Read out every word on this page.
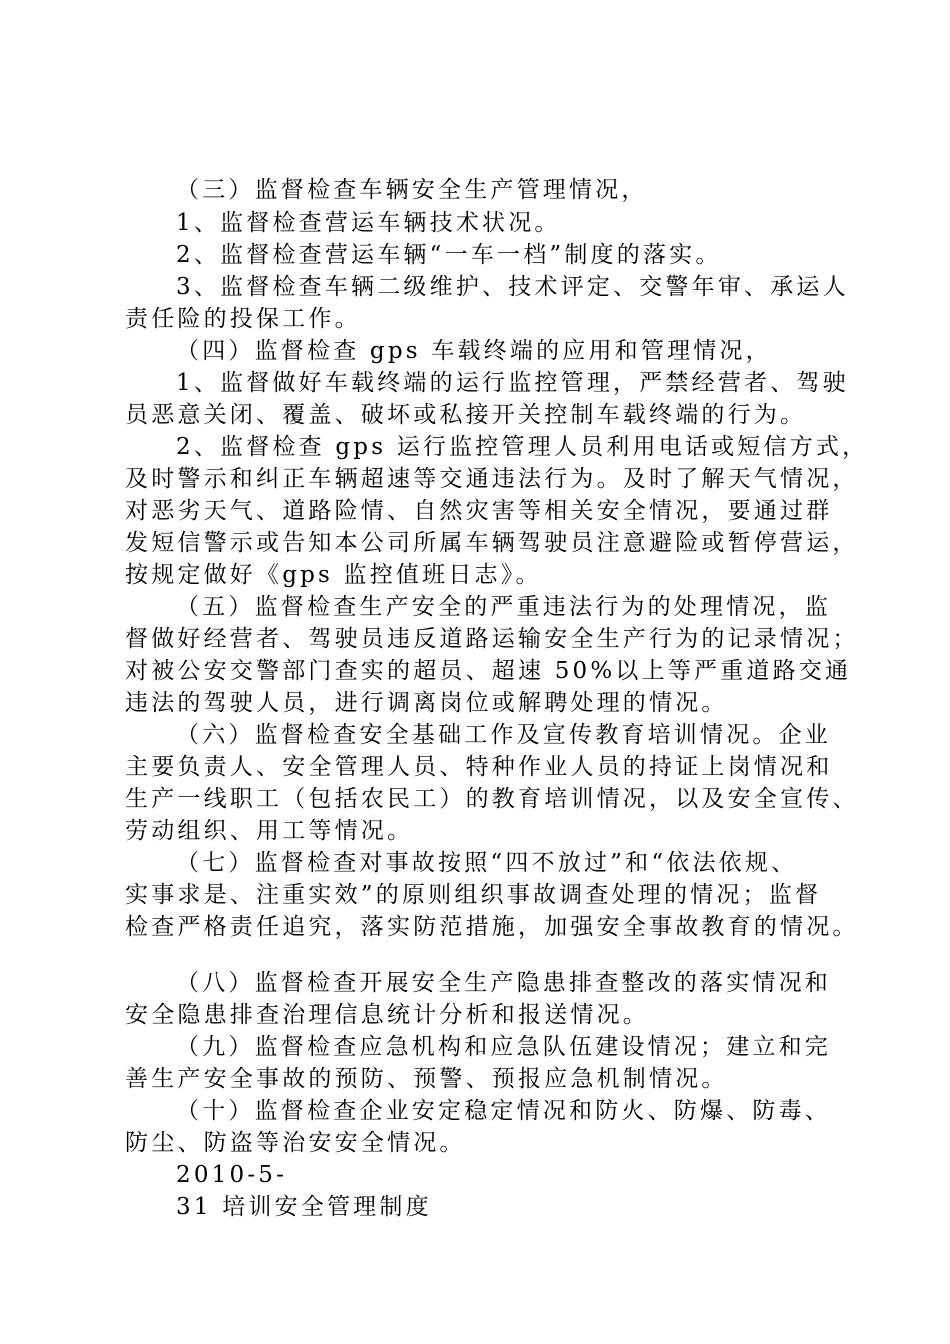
（三）监督检查车辆安全生产管理情况，
1、监督检查营运车辆技术状况。
2、监督检查营运车辆“一车一档”制度的落实。
3、监督检查车辆二级维护、技术评定、交警年审、承运人
责任险的投保工作。
（四）监督检查 gps 车载终端的应用和管理情况，
1、监督做好车载终端的运行监控管理，严禁经营者、驾驶
员恶意关闭、覆盖、破坏或私接开关控制车载终端的行为。
2、监督检查 gps 运行监控管理人员利用电话或短信方式，
及时警示和纠正车辆超速等交通违法行为。及时了解天气情况，
对恶劣天气、道路险情、自然灾害等相关安全情况，要通过群
发短信警示或告知本公司所属车辆驾驶员注意避险或暂停营运，
按规定做好《gps 监控值班日志》。
（五）监督检查生产安全的严重违法行为的处理情况，监
督做好经营者、驾驶员违反道路运输安全生产行为的记录情况；
对被公安交警部门查实的超员、超速 50%以上等严重道路交通
违法的驾驶人员，进行调离岗位或解聘处理的情况。
（六）监督检查安全基础工作及宣传教育培训情况。企业
主要负责人、安全管理人员、特种作业人员的持证上岗情况和
生产一线职工（包括农民工）的教育培训情况，以及安全宣传、
劳动组织、用工等情况。
（七）监督检查对事故按照“四不放过”和“依法依规、
实事求是、注重实效”的原则组织事故调查处理的情况；监督
检查严格责任追究，落实防范措施，加强安全事故教育的情况。
（八）监督检查开展安全生产隐患排查整改的落实情况和
安全隐患排查治理信息统计分析和报送情况。
（九）监督检查应急机构和应急队伍建设情况；建立和完
善生产安全事故的预防、预警、预报应急机制情况。
（十）监督检查企业安定稳定情况和防火、防爆、防毒、
防尘、防盗等治安安全情况。
2010-5-
31 培训安全管理制度
